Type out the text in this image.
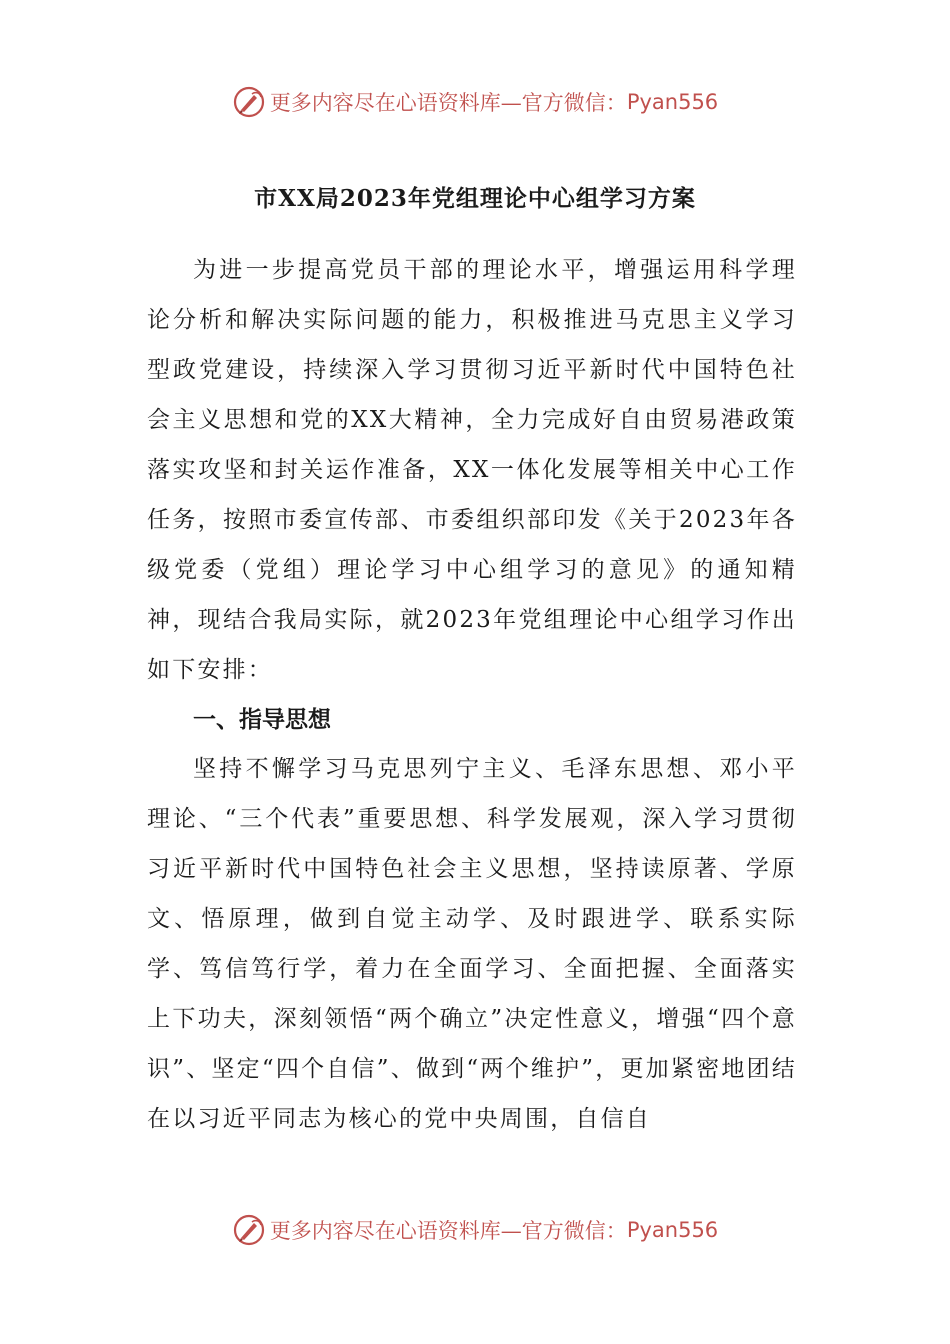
更多内容尽在心语资料库—官方微信： Pyan556
市XX局2023年党组理论中心组学习方案

为进一步提高党员干部的理论水平，增强运用科学理论分析和解决实际问题的能力，积极推进马克思主义学习型政党建设，持续深入学习贯彻习近平新时代中国特色社会主义思想和党的XX大精神，全力完成好自由贸易港政策落实攻坚和封关运作准备，XX一体化发展等相关中心工作任务，按照市委宣传部、市委组织部印发《关于2023年各级党委（党组）理论学习中心组学习的意见》的通知精神，现结合我局实际，就2023年党组理论中心组学习作出如下安排：

一、指导思想

坚持不懈学习马克思列宁主义、毛泽东思想、邓小平理论、“三个代表”重要思想、科学发展观，深入学习贯彻习近平新时代中国特色社会主义思想，坚持读原著、学原文、悟原理，做到自觉主动学、及时跟进学、联系实际学、笃信笃行学，着力在全面学习、全面把握、全面落实上下功夫，深刻领悟“两个确立”决定性意义，增强“四个意识”、坚定“四个自信”、做到“两个维护”，更加紧密地团结在以习近平同志为核心的党中央周围，自信自

更多内容尽在心语资料库—官方微信： Pyan556
